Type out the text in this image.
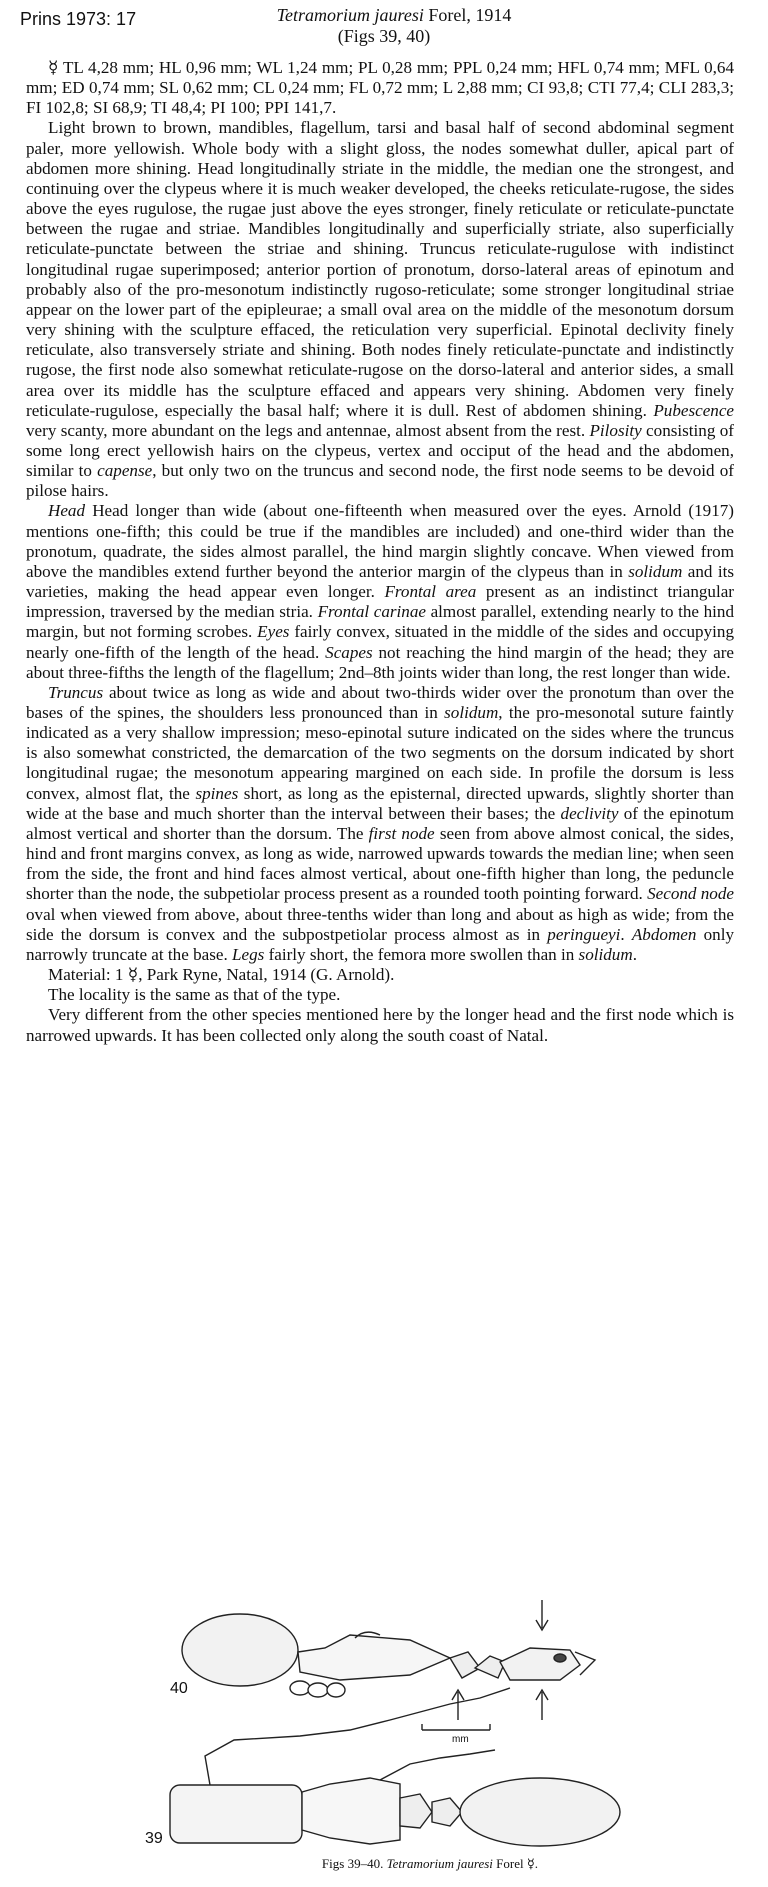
Prins 1973: 17	Tetramorium jauresi Forel, 1914
(Figs 39, 40)

☿ TL 4,28 mm; HL 0,96 mm; WL 1,24 mm; PL 0,28 mm; PPL 0,24 mm; HFL 0,74 mm; MFL 0,64 mm; ED 0,74 mm; SL 0,62 mm; CL 0,24 mm; FL 0,72 mm; L 2,88 mm; CI 93,8; CTI 77,4; CLI 283,3; FI 102,8; SI 68,9; TI 48,4; PI 100; PPI 141,7.

Light brown to brown, mandibles, flagellum, tarsi and basal half of second abdominal segment paler, more yellowish. Whole body with a slight gloss, the nodes somewhat duller, apical part of abdomen more shining. Head longitudinally striate in the middle, the median one the strongest, and continuing over the clypeus where it is much weaker developed, the cheeks reticulate-rugose, the sides above the eyes rugulose, the rugae just above the eyes stronger, finely reticulate or reticulate-punctate between the rugae and striae. Mandibles longitudinally and superficially striate, also superficially reticulate-punctate between the striae and shining. Truncus reticulate-rugulose with indistinct longitudinal rugae superimposed; anterior portion of pronotum, dorso-lateral areas of epinotum and probably also of the pro-mesonotum indistinctly rugoso-reticulate; some stronger longitudinal striae appear on the lower part of the epipleurae; a small oval area on the middle of the mesonotum dorsum very shining with the sculpture effaced, the reticulation very superficial. Epinotal declivity finely reticulate, also transversely striate and shining. Both nodes finely reticulate-punctate and indistinctly rugose, the first node also somewhat reticulate-rugose on the dorso-lateral and anterior sides, a small area over its middle has the sculpture effaced and appears very shining. Abdomen very finely reticulate-rugulose, especially the basal half; where it is dull. Rest of abdomen shining. Pubescence very scanty, more abundant on the legs and antennae, almost absent from the rest. Pilosity consisting of some long erect yellowish hairs on the clypeus, vertex and occiput of the head and the abdomen, similar to capense, but only two on the truncus and second node, the first node seems to be devoid of pilose hairs.

Head Head longer than wide (about one-fifteenth when measured over the eyes. Arnold (1917) mentions one-fifth; this could be true if the mandibles are included) and one-third wider than the pronotum, quadrate, the sides almost parallel, the hind margin slightly concave. When viewed from above the mandibles extend further beyond the anterior margin of the clypeus than in solidum and its varieties, making the head appear even longer. Frontal area present as an indistinct triangular impression, traversed by the median stria. Frontal carinae almost parallel, extending nearly to the hind margin, but not forming scrobes. Eyes fairly convex, situated in the middle of the sides and occupying nearly one-fifth of the length of the head. Scapes not reaching the hind margin of the head; they are about three-fifths the length of the flagellum; 2nd–8th joints wider than long, the rest longer than wide.

Truncus about twice as long as wide and about two-thirds wider over the pronotum than over the bases of the spines, the shoulders less pronounced than in solidum, the pro-mesonotal suture faintly indicated as a very shallow impression; meso-epinotal suture indicated on the sides where the truncus is also somewhat constricted, the demarcation of the two segments on the dorsum indicated by short longitudinal rugae; the mesonotum appearing margined on each side. In profile the dorsum is less convex, almost flat, the spines short, as long as the episternal, directed upwards, slightly shorter than wide at the base and much shorter than the interval between their bases; the declivity of the epinotum almost vertical and shorter than the dorsum. The first node seen from above almost conical, the sides, hind and front margins convex, as long as wide, narrowed upwards towards the median line; when seen from the side, the front and hind faces almost vertical, about one-fifth higher than long, the peduncle shorter than the node, the subpetiolar process present as a rounded tooth pointing forward. Second node oval when viewed from above, about three-tenths wider than long and about as high as wide; from the side the dorsum is convex and the subpostpetiolar process almost as in peringueyi. Abdomen only narrowly truncate at the base. Legs fairly short, the femora more swollen than in solidum.

Material: 1 ☿, Park Ryne, Natal, 1914 (G. Arnold).

The locality is the same as that of the type.

Very different from the other species mentioned here by the longer head and the first node which is narrowed upwards. It has been collected only along the south coast of Natal.

40
39
mm
Figs 39–40. Tetramorium jauresi Forel ☿.
